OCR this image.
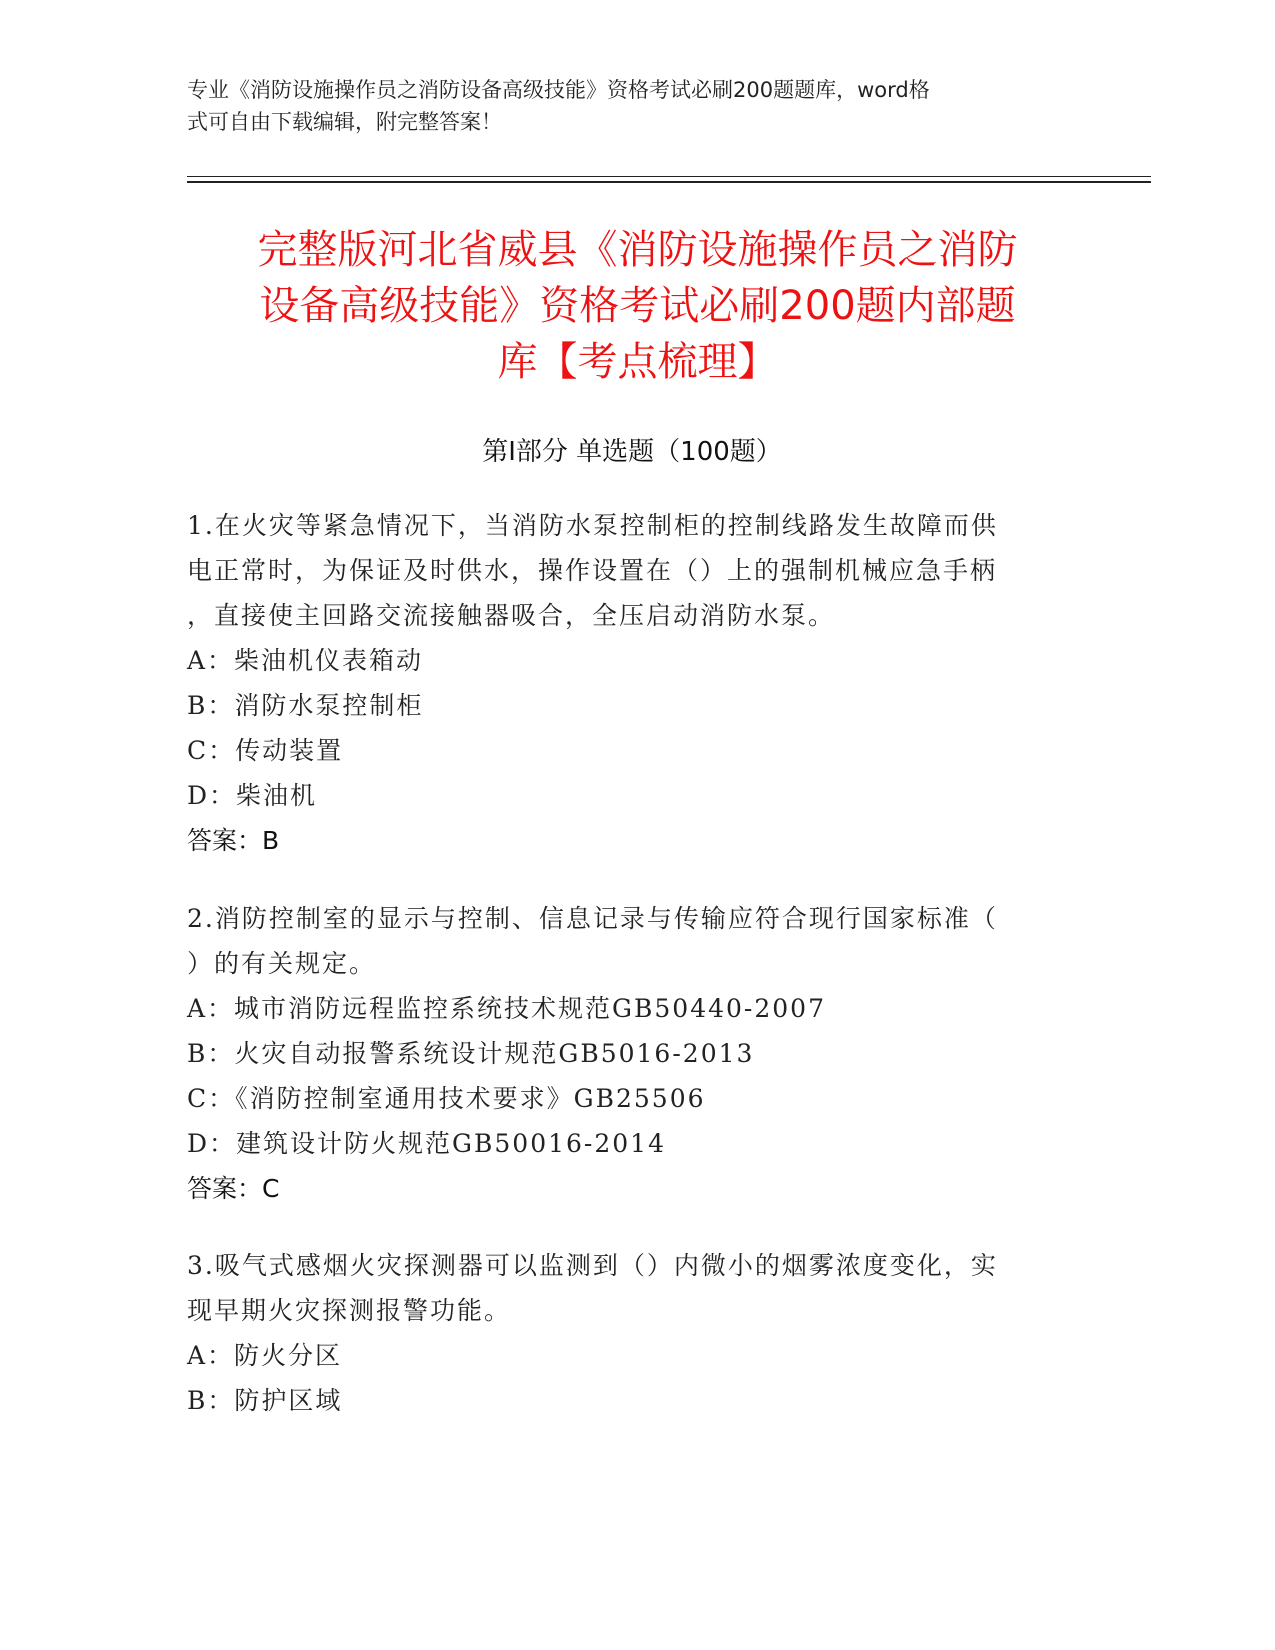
专业《消防设施操作员之消防设备高级技能》资格考试必刷200题题库，word格
式可自由下载编辑，附完整答案！
完整版河北省威县《消防设施操作员之消防
设备高级技能》资格考试必刷200题内部题
库【考点梳理】
第Ⅰ部分 单选题（100题）
1.在火灾等紧急情况下，当消防水泵控制柜的控制线路发生故障而供
电正常时，为保证及时供水，操作设置在（）上的强制机械应急手柄
，直接使主回路交流接触器吸合，全压启动消防水泵。
A：柴油机仪表箱动
B：消防水泵控制柜
C：传动装置
D：柴油机
答案：B
2.消防控制室的显示与控制、信息记录与传输应符合现行国家标准（
）的有关规定。
A：城市消防远程监控系统技术规范GB50440-2007
B：火灾自动报警系统设计规范GB5016-2013
C：《消防控制室通用技术要求》GB25506
D：建筑设计防火规范GB50016-2014
答案：C
3.吸气式感烟火灾探测器可以监测到（）内微小的烟雾浓度变化，实
现早期火灾探测报警功能。
A：防火分区
B：防护区域
